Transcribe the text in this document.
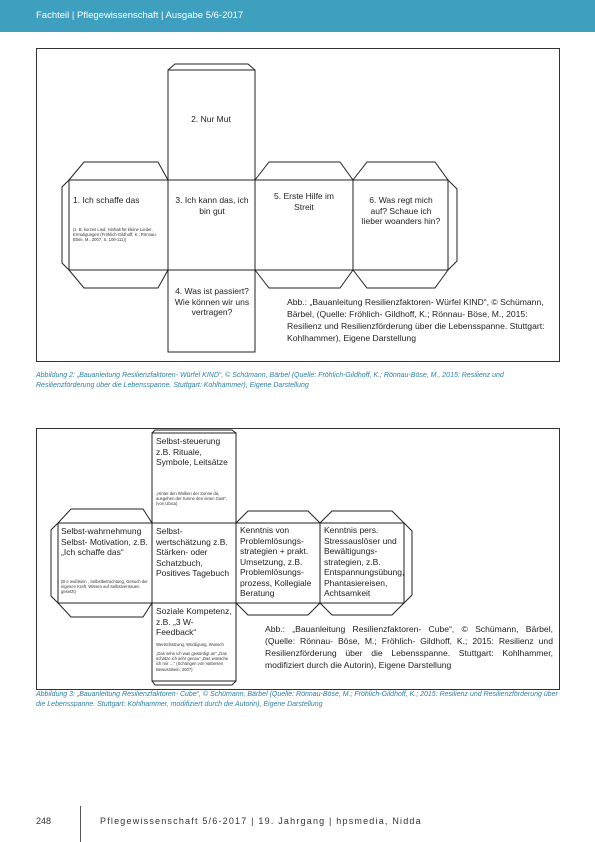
Fachteil | Pflegewissenschaft | Ausgabe 5/6-2017
2. Nur Mut
1. Ich schaffe das
(z. B. kurzes Lied, Hinhalt für kleine Lieder, Ermutigungen (Fröhlich-Gildhoff, K.; Rönnau- Böse, M., 2007, S. 109-111))
3. Ich kann das, ich bin gut
5. Erste Hilfe im Streit
6. Was regt mich auf? Schaue ich lieber woanders hin?
4. Was ist passiert? Wie können wir uns vertragen?
Abb.: „Bauanleitung Resilienzfaktoren- Würfel KIND“, © Schümann, Bärbel, (Quelle: Fröhlich- Gildhoff, K.; Rönnau- Böse, M., 2015: Resilienz und Resilienzförderung über die Lebensspanne. Stuttgart: Kohlhammer), Eigene Darstellung
Abbildung 2: „Bauanleitung Resilienzfaktoren- Würfel KIND“, © Schümann, Bärbel (Quelle: Fröhlich-Gildhoff, K.; Rönnau-Böse, M., 2015: Resilienz und Resilienzförderung über die Lebensspanne. Stuttgart: Kohlhammer), Eigene Darstellung
Selbst-steuerung z.B. Rituale, Symbole, Leitsätze
„Hinter den Wolken der Sonne da, ausgehen der Sonne den einen Gast“, (von Ubica)
Selbst-wahrnehmung Selbst- Motivation, z.B. „Ich schaffe das“
(B e wußtsein , Selbstbetrachtung, Gesuch der eigenen Kraft, Wissen auf Selbstvertrauen gesetzt)
Selbst-wertschätzung z.B. Stärken- oder Schatzbuch, Positives Tagebuch
Kenntnis von Problemlösungs-strategien + prakt. Umsetzung, z.B. Problemlösungs-prozess, Kollegiale Beratung
Kenntnis pers. Stressauslöser und Bewältigungs-strategien, z.B. Entspannungsübung, Phantasiereisen, Achtsamkeit
Soziale Kompetenz, z.B. „3 W- Feedback“
Wertschätzung, Würdigung, Wunsch
„Das sehe ich was gewürdigt an“ „Das schätze ich sehr genau“ „Das wünsche ich mir …“ (Schüngen von Vattersen Bewusstsein, 2007)
Abb.: „Bauanleitung Resilienzfaktoren- Cube“, © Schümann, Bärbel, (Quelle: Rönnau- Böse, M.; Fröhlich- Gildhoff, K.; 2015: Resilienz und Resilienzförderung über die Lebensspanne. Stuttgart: Kohlhammer, modifiziert durch die Autorin), Eigene Darstellung
Abbildung 3: „Bauanleitung Resilienzfaktoren- Cube“, © Schümann, Bärbel (Quelle: Rönnau-Böse, M.; Fröhlich-Gildhoff, K.; 2015: Resilienz und Resilienzförderung über die Lebensspanne. Stuttgart: Kohlhammer, modifiziert durch die Autorin), Eigene Darstellung
248	Pflegewissenschaft 5/6-2017 | 19. Jahrgang | hpsmedia, Nidda
